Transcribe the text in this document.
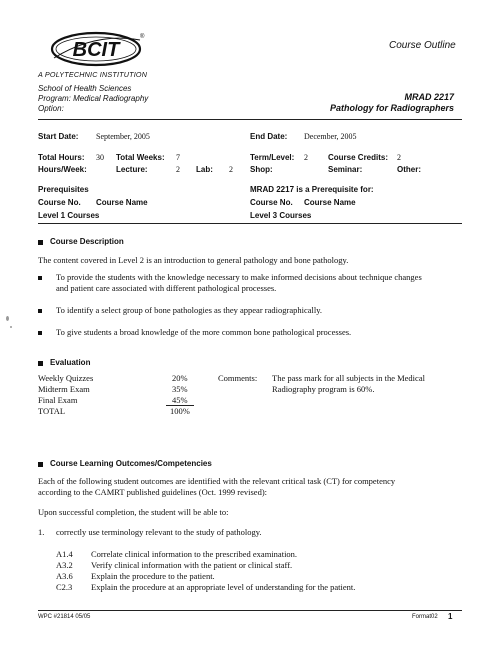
BCIT
®
A POLYTECHNIC INSTITUTION
Course Outline
School of Health Sciences
Program: Medical Radiography
Option:
MRAD 2217
Pathology for Radiographers
Start Date: September, 2005	End Date: December, 2005
Total Hours: 30 Total Weeks: 7	Term/Level: 2	Course Credits: 2
Hours/Week:	Lecture:	2 Lab: 2 Shop:	Seminar:	Other:
Prerequisites
Course No. Course Name
Level 1 Courses
MRAD 2217 is a Prerequisite for:
Course No. Course Name
Level 3 Courses
Course Description
The content covered in Level 2 is an introduction to general pathology and bone pathology.
To provide the students with the knowledge necessary to make informed decisions about technique changes
and patient care associated with different pathological processes.
To identify a select group of bone pathologies as they appear radiographically.
To give students a broad knowledge of the more common bone pathological processes.
Evaluation
Weekly Quizzes	20%
Midterm Exam	35%
Final Exam	45%
TOTAL	100%
Comments: The pass mark for all subjects in the Medical
Radiography program is 60%.
Course Learning Outcomes/Competencies
Each of the following student outcomes are identified with the relevant critical task (CT) for competency
according to the CAMRT published guidelines (Oct. 1999 revised):
Upon successful completion, the student will be able to:
1. correctly use terminology relevant to the study of pathology.
A1.4 Correlate clinical information to the prescribed examination.
A3.2 Verify clinical information with the patient or clinical staff.
A3.6 Explain the procedure to the patient.
C2.3 Explain the procedure at an appropriate level of understanding for the patient.
WPC #21814 05/05	Format02 1
